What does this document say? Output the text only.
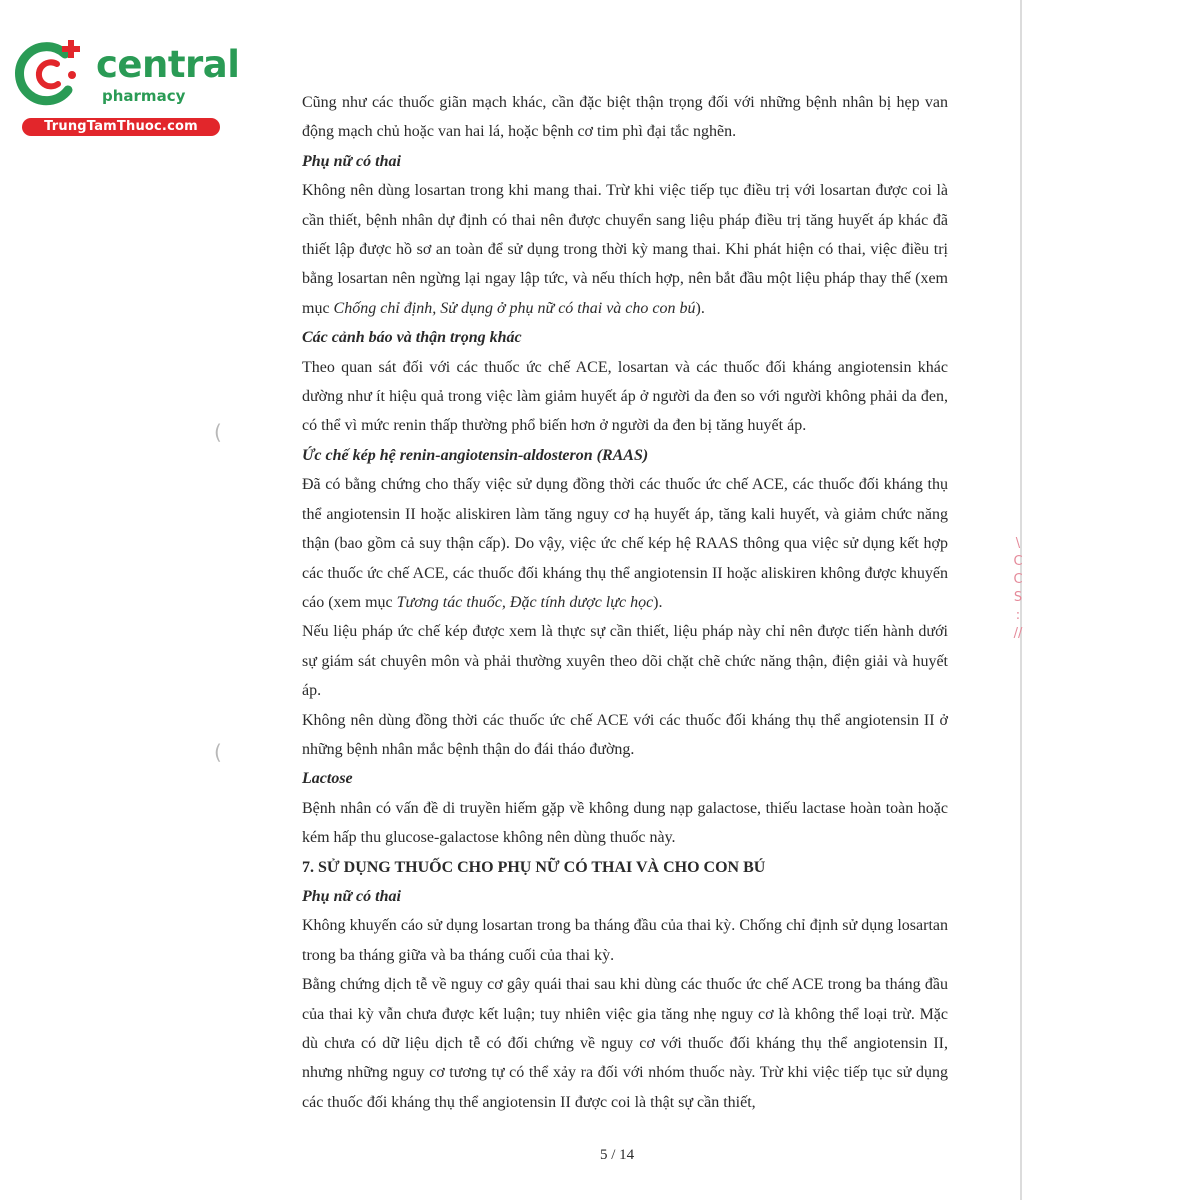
central
pharmacy
TrungTamThuoc.com
\
C
C
S
:
//
(
(

Cũng như các thuốc giãn mạch khác, cần đặc biệt thận trọng đối với những bệnh nhân bị hẹp van động mạch chủ hoặc van hai lá, hoặc bệnh cơ tim phì đại tắc nghẽn.

Phụ nữ có thai

Không nên dùng losartan trong khi mang thai. Trừ khi việc tiếp tục điều trị với losartan được coi là cần thiết, bệnh nhân dự định có thai nên được chuyển sang liệu pháp điều trị tăng huyết áp khác đã thiết lập được hồ sơ an toàn để sử dụng trong thời kỳ mang thai. Khi phát hiện có thai, việc điều trị bằng losartan nên ngừng lại ngay lập tức, và nếu thích hợp, nên bắt đầu một liệu pháp thay thế (xem mục Chống chỉ định, Sử dụng ở phụ nữ có thai và cho con bú).

Các cảnh báo và thận trọng khác

Theo quan sát đối với các thuốc ức chế ACE, losartan và các thuốc đối kháng angiotensin khác dường như ít hiệu quả trong việc làm giảm huyết áp ở người da đen so với người không phải da đen, có thể vì mức renin thấp thường phổ biến hơn ở người da đen bị tăng huyết áp.

Ức chế kép hệ renin-angiotensin-aldosteron (RAAS)

Đã có bằng chứng cho thấy việc sử dụng đồng thời các thuốc ức chế ACE, các thuốc đối kháng thụ thể angiotensin II hoặc aliskiren làm tăng nguy cơ hạ huyết áp, tăng kali huyết, và giảm chức năng thận (bao gồm cả suy thận cấp). Do vậy, việc ức chế kép hệ RAAS thông qua việc sử dụng kết hợp các thuốc ức chế ACE, các thuốc đối kháng thụ thể angiotensin II hoặc aliskiren không được khuyến cáo (xem mục Tương tác thuốc, Đặc tính dược lực học).

Nếu liệu pháp ức chế kép được xem là thực sự cần thiết, liệu pháp này chỉ nên được tiến hành dưới sự giám sát chuyên môn và phải thường xuyên theo dõi chặt chẽ chức năng thận, điện giải và huyết áp.

Không nên dùng đồng thời các thuốc ức chế ACE với các thuốc đối kháng thụ thể angiotensin II ở những bệnh nhân mắc bệnh thận do đái tháo đường.

Lactose

Bệnh nhân có vấn đề di truyền hiếm gặp về không dung nạp galactose, thiếu lactase hoàn toàn hoặc kém hấp thu glucose-galactose không nên dùng thuốc này.

7. SỬ DỤNG THUỐC CHO PHỤ NỮ CÓ THAI VÀ CHO CON BÚ
Phụ nữ có thai

Không khuyến cáo sử dụng losartan trong ba tháng đầu của thai kỳ. Chống chỉ định sử dụng losartan trong ba tháng giữa và ba tháng cuối của thai kỳ.

Bằng chứng dịch tễ về nguy cơ gây quái thai sau khi dùng các thuốc ức chế ACE trong ba tháng đầu của thai kỳ vẫn chưa được kết luận; tuy nhiên việc gia tăng nhẹ nguy cơ là không thể loại trừ. Mặc dù chưa có dữ liệu dịch tễ có đối chứng về nguy cơ với thuốc đối kháng thụ thể angiotensin II, nhưng những nguy cơ tương tự có thể xảy ra đối với nhóm thuốc này. Trừ khi việc tiếp tục sử dụng các thuốc đối kháng thụ thể angiotensin II được coi là thật sự cần thiết,

5 / 14
